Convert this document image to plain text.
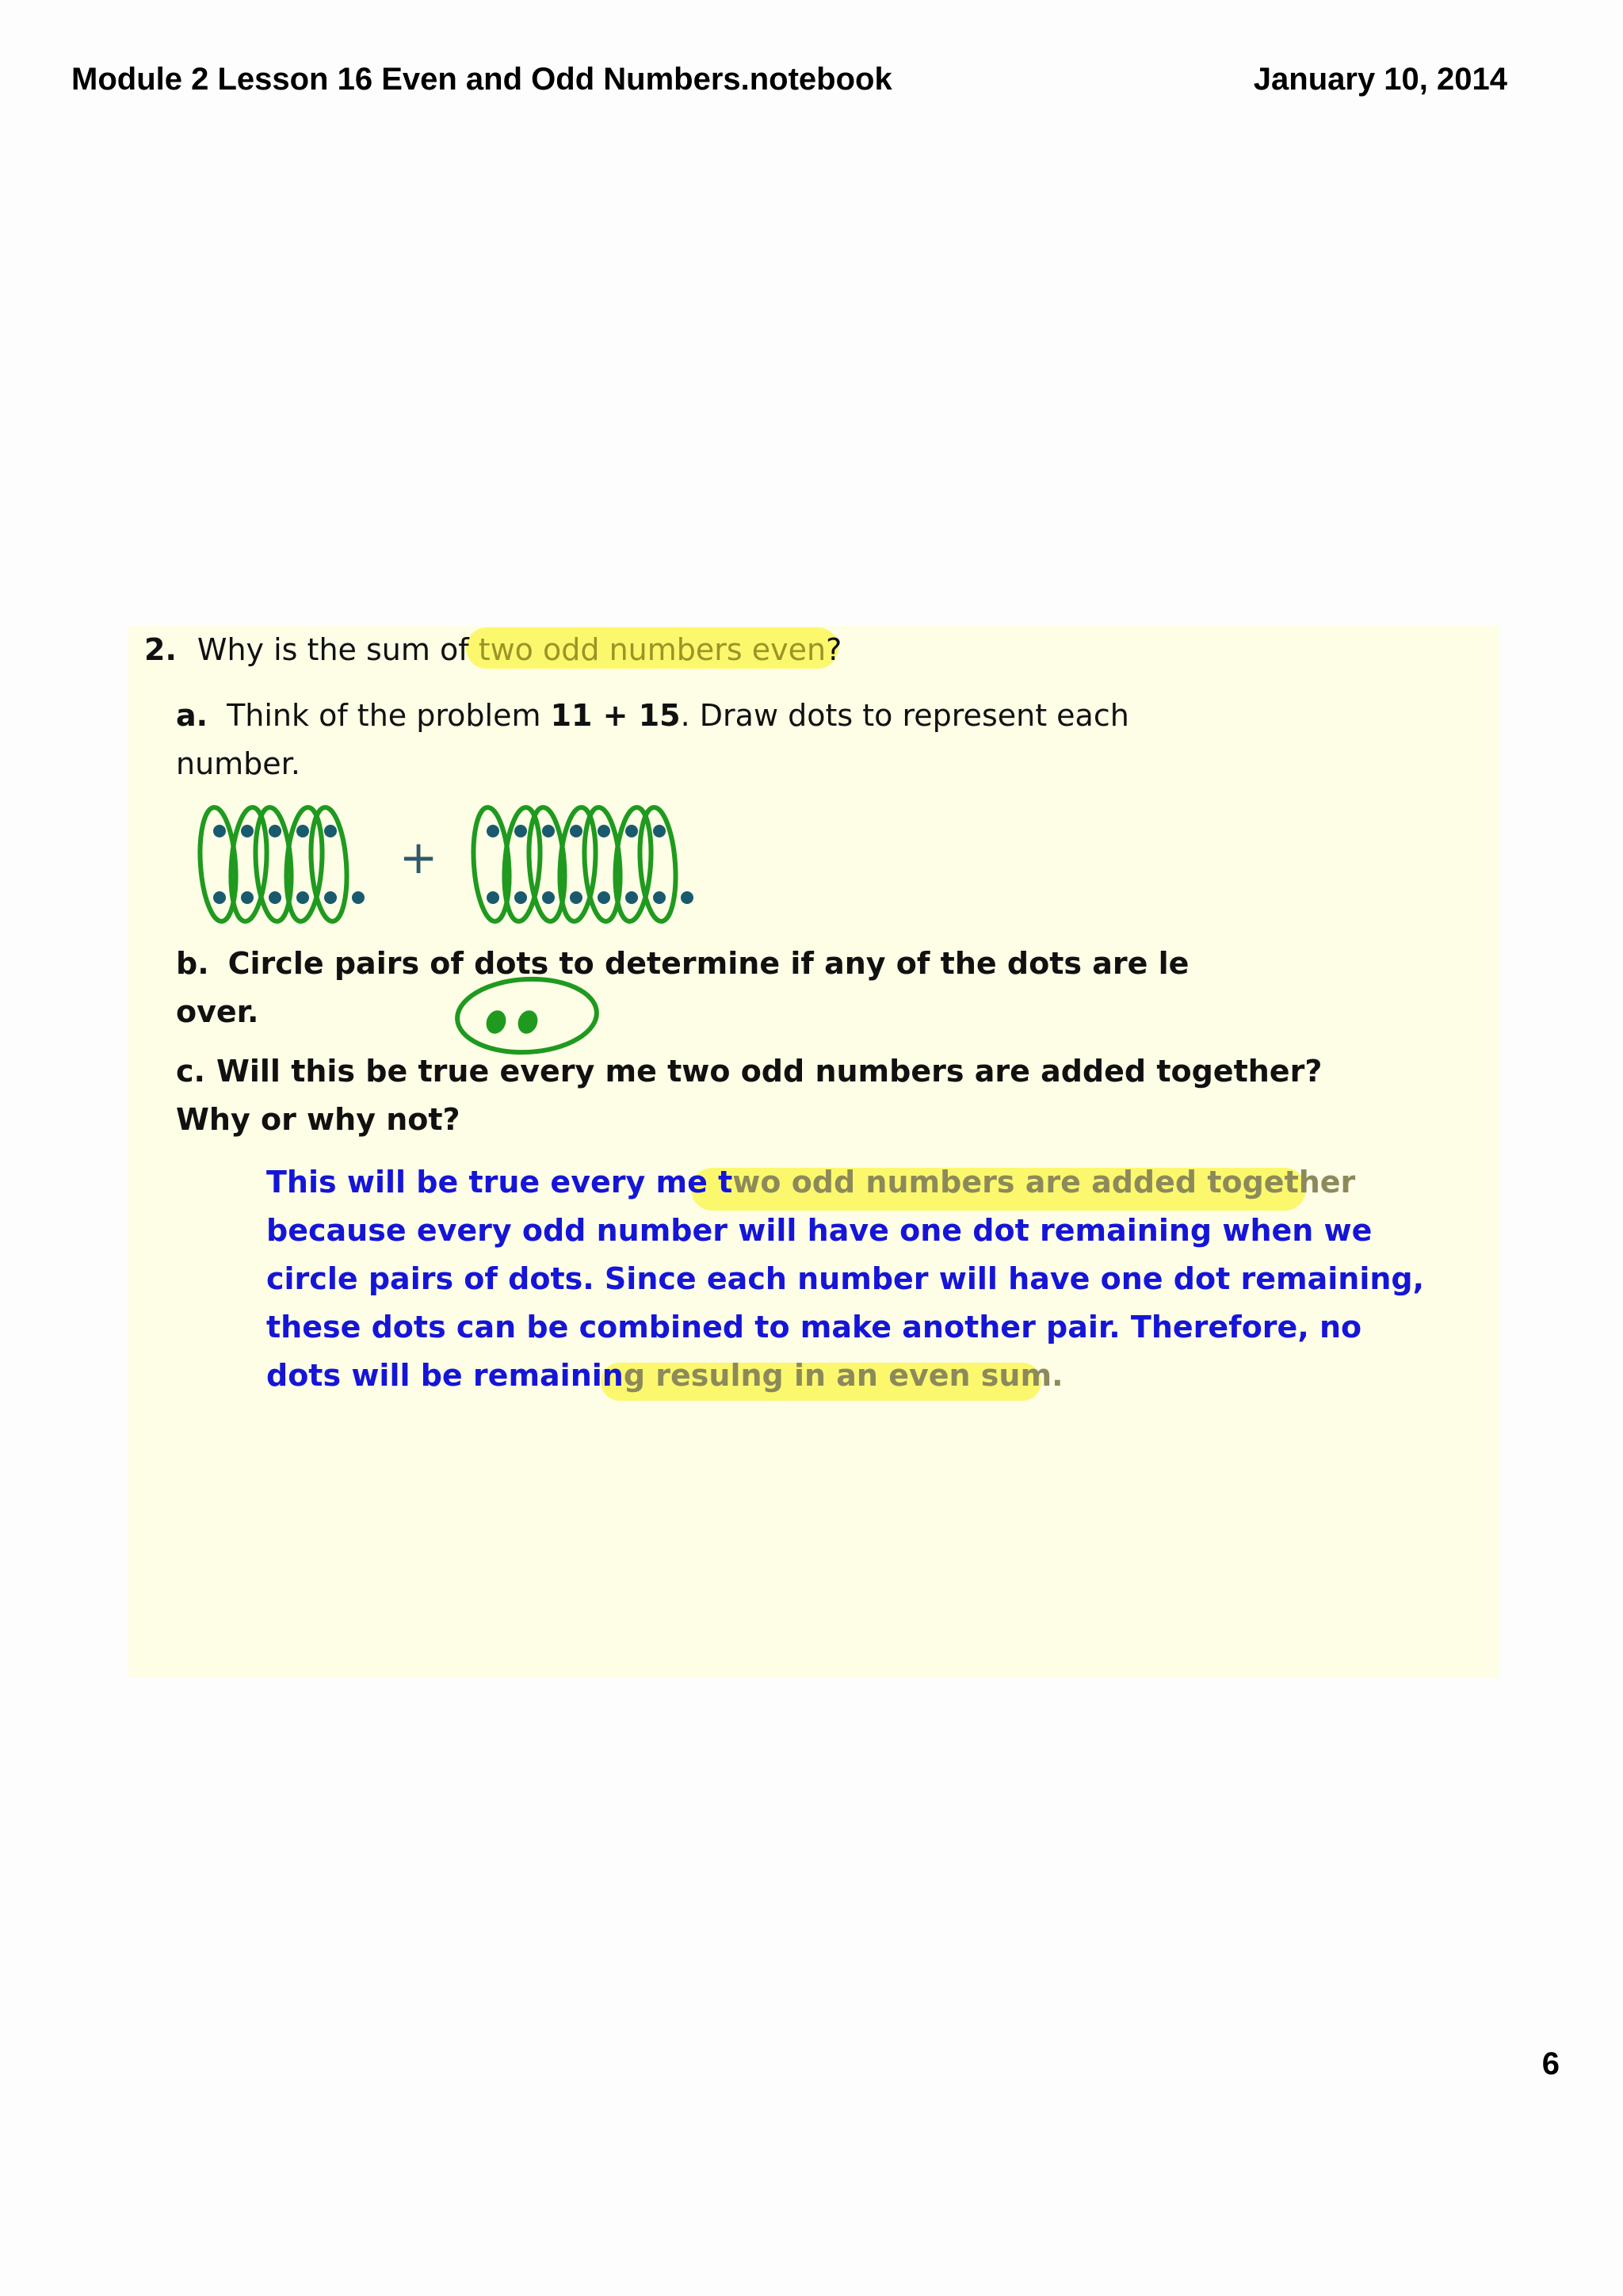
Module 2 Lesson 16 Even and Odd Numbers.notebook	January 10, 2014
2. Why is the sum of two odd numbers even?
a. Think of the problem 11 + 15. Draw dots to represent each
number.
b. Circle pairs of dots to determine if any of the dots are le
over.
c. Will this be true every me two odd numbers are added together?
Why or why not?
This will be true every me two odd numbers are added together
because every odd number will have one dot remaining when we
circle pairs of dots. Since each number will have one dot remaining,
these dots can be combined to make another pair. Therefore, no
dots will be remaining resulng in an even sum.
+
6
